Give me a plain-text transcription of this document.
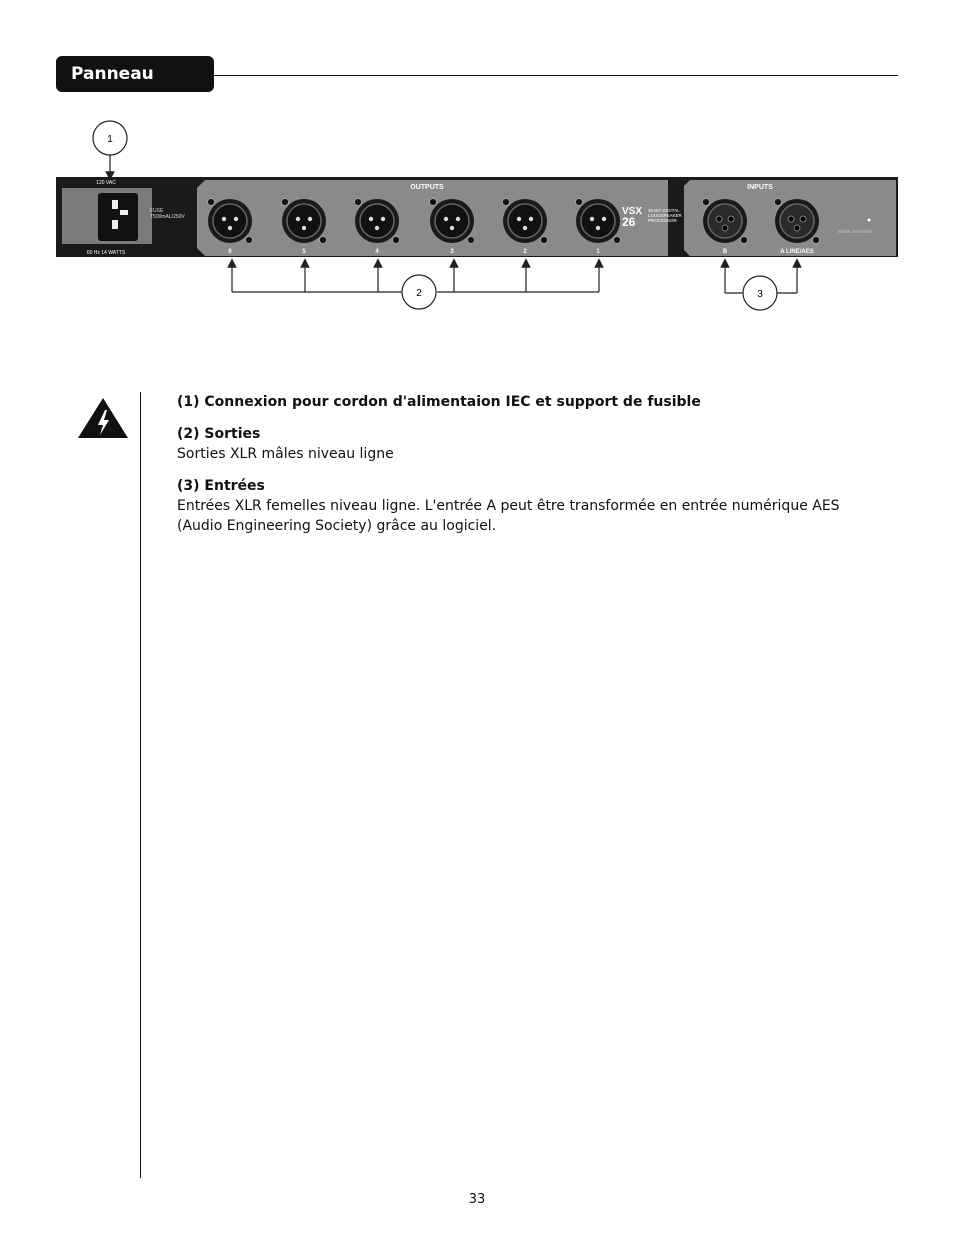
Panneau Arriere
1
120 VAC
60 Hz 14 WATTS
FUSE
T500mAL/250V
OUTPUTS	INPUTS
VSX
26
36 BIT DIGITAL
LOUDSPEAKER
PROCESSOR
MADE IN CHINA
6	5	4	3	2	1	B	A LINE/AES
2	3
(1) Connexion pour cordon d'alimentaion IEC et support de fusible
(2) Sorties
Sorties XLR mâles niveau ligne
(3) Entrées
Entrées XLR femelles niveau ligne. L'entrée A peut être transformée en entrée numérique AES (Audio Engineering Society) grâce au logiciel.
33
